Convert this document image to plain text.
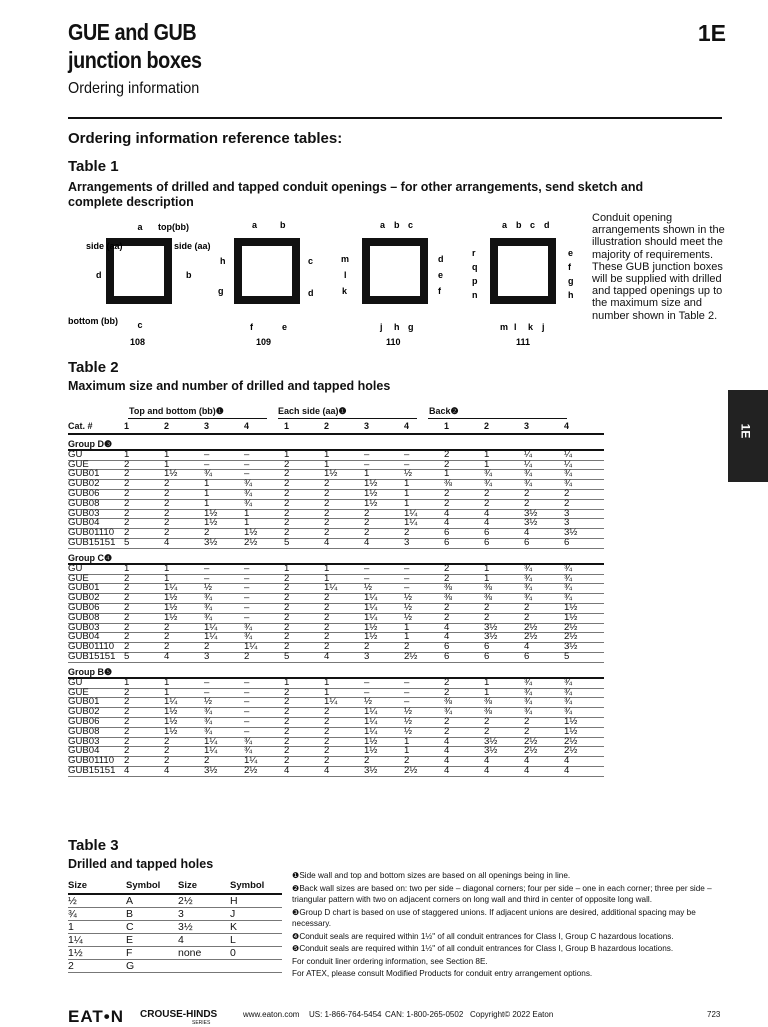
GUE and GUB
junction boxes
Ordering information
1E
Ordering information reference tables:
Table 1
Arrangements of drilled and tapped conduit openings – for other arrangements, send sketch and
complete description
a top(bb)
side (aa)	side (aa)
d	b
bottom (bb) c
108
a	b
h	c
g	d
f	e
109
a b c
m	d
l	e
k	f
j h g
110
a b c d
r	e
q	f
p	g
n	h
m l k j
111
Conduit opening arrangements shown in the illustration should meet the majority of requirements. These GUB junction boxes will be supplied with drilled and tapped openings up to the maximum size and number shown in Table 2.
1E
Table 2
Maximum size and number of drilled and tapped holes
Top and bottom (bb)❶	Each side (aa)❶	Back❷
Cat. #	1	2	3	4	1	2	3	4	1	2	3	4
Group D❸												
GU	1	1	–	–	1	1	–	–	2	1	¼	¼
GUE	2	1	–	–	2	1	–	–	2	1	¼	¼
GUB01	2	1½	¾	–	2	1½	1	½	1	¾	¾	¾
GUB02	2	2	1	¾	2	2	1½	1	⅜	¾	¾	¾
GUB06	2	2	1	¾	2	2	1½	1	2	2	2	2
GUB08	2	2	1	¾	2	2	1½	1	2	2	2	2
GUB03	2	2	1½	1	2	2	2	1¼	4	4	3½	3
GUB04	2	2	1½	1	2	2	2	1¼	4	4	3½	3
GUB01110	2	2	2	1½	2	2	2	2	6	6	4	3½
GUB15151	5	4	3½	2½	5	4	4	3	6	6	6	6
Group C❹												
GU	1	1	–	–	1	1	–	–	2	1	¾	¾
GUE	2	1	–	–	2	1	–	–	2	1	¾	¾
GUB01	2	1¼	½	–	2	1¼	½	–	⅜	⅜	¾	¾
GUB02	2	1½	¾	–	2	2	1¼	½	⅜	⅜	¾	¾
GUB06	2	1½	¾	–	2	2	1¼	½	2	2	2	1½
GUB08	2	1½	¾	–	2	2	1¼	½	2	2	2	1½
GUB03	2	2	1¼	¾	2	2	1½	1	4	3½	2½	2½
GUB04	2	2	1¼	¾	2	2	1½	1	4	3½	2½	2½
GUB01110	2	2	2	1¼	2	2	2	2	6	6	4	3½
GUB15151	5	4	3	2	5	4	3	2½	6	6	6	5
Group B❺												
GU	1	1	–	–	1	1	–	–	2	1	¾	¾
GUE	2	1	–	–	2	1	–	–	2	1	¾	¾
GUB01	2	1¼	½	–	2	1¼	½	–	⅜	⅜	¾	¾
GUB02	2	1½	¾	–	2	2	1¼	½	¾	⅜	¾	¾
GUB06	2	1½	¾	–	2	2	1¼	½	2	2	2	1½
GUB08	2	1½	¾	–	2	2	1¼	½	2	2	2	1½
GUB03	2	2	1¼	¾	2	2	1½	1	4	3½	2½	2½
GUB04	2	2	1¼	¾	2	2	1½	1	4	3½	2½	2½
GUB01110	2	2	2	1¼	2	2	2	2	4	4	4	4
GUB15151	4	4	3½	2½	4	4	3½	2½	4	4	4	4
Table 3
Drilled and tapped holes
Size	Symbol	Size	Symbol
½	A	2½	H
¾	B	3	J
1	C	3½	K
1¼	E	4	L
1½	F	none	0
2	G		

❶Side wall and top and bottom sizes are based on all openings being in line.

❷Back wall sizes are based on: two per side – diagonal corners; four per side – one in each corner; three per side – triangular pattern with two on adjacent corners on long wall and third in center of opposite long wall.

❸Group D chart is based on use of staggered unions. If adjacent unions are desired, additional spacing may be necessary.

❹Conduit seals are required within 1½" of all conduit entrances for Class I, Group C hazardous locations.

❺Conduit seals are required within 1½" of all conduit entrances for Class I, Group B hazardous locations.

For conduit liner ordering information, see Section 8E.

For ATEX, please consult Modified Products for conduit entry arrangement options.

EAT•N CROUSE-HINDS
SERIES
www.eaton.com US: 1-866-764-5454 CAN: 1-800-265-0502 Copyright© 2022 Eaton	723
